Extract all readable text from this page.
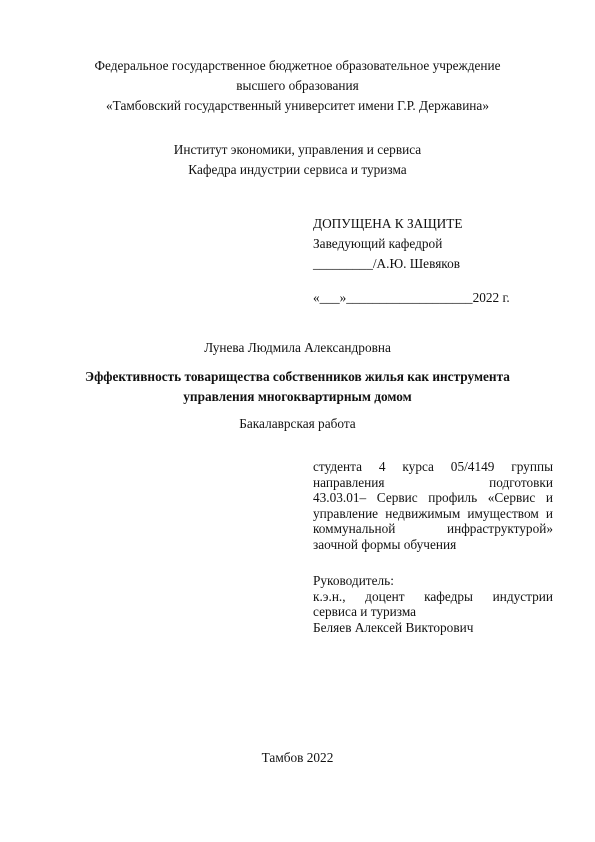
Федеральное государственное бюджетное образовательное учреждение
высшего образования
«Тамбовский государственный университет имени Г.Р. Державина»
Институт экономики, управления и сервиса
Кафедра индустрии сервиса и туризма
ДОПУЩЕНА К ЗАЩИТЕ
Заведующий кафедрой
_________/А.Ю. Шевяков
«___»___________________2022 г.
Лунева Людмила Александровна
Эффективность товарищества собственников жилья как инструмента
управления многоквартирным домом
Бакалаврская работа
студента 4 курса 05/4149 группы
направления подготовки
43.03.01– Сервис профиль «Сервис и
управление недвижимым имуществом и
коммунальной инфраструктурой»
заочной формы обучения
Руководитель:
к.э.н., доцент кафедры индустрии
сервиса и туризма
Беляев Алексей Викторович
Тамбов 2022
